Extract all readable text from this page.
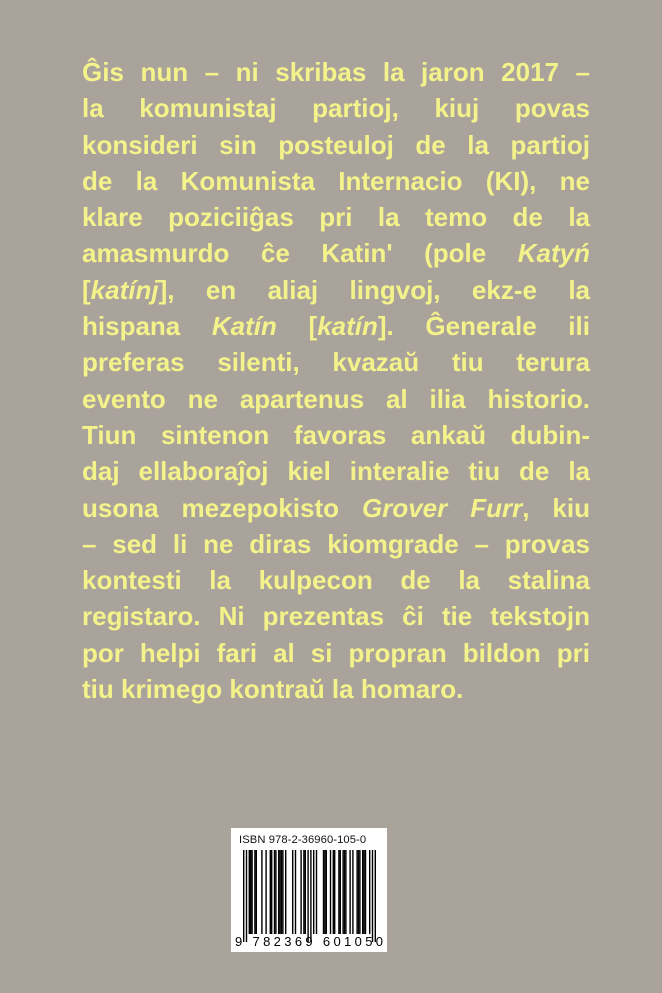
Ĝis nun – ni skribas la jaron 2017 –
la komunistaj partioj, kiuj povas
konsideri sin posteuloj de la partioj
de la Komunista Internacio (KI), ne
klare poziciiĝas pri la temo de la
amasmurdo ĉe Katin' (pole Katyń
[katínj], en aliaj lingvoj, ekz-e la
hispana Katín [katín]. Ĝenerale ili
preferas silenti, kvazaŭ tiu terura
evento ne apartenus al ilia historio.
Tiun sintenon favoras ankaŭ dubin-
daj ellaboraĵoj kiel interalie tiu de la
usona mezepokisto Grover Furr, kiu
– sed li ne diras kiomgrade – provas
kontesti la kulpecon de la stalina
registaro. Ni prezentas ĉi tie tekstojn
por helpi fari al si propran bildon pri
tiu krimego kontraŭ la homaro.
ISBN 978-2-36960-105-0
9 782369 601050
